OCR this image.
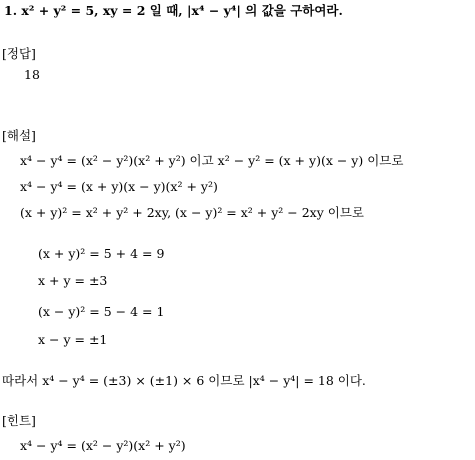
1. x² + y² = 5, xy = 2 일 때, |x⁴ − y⁴| 의 값을 구하여라.
[정답]
18
[해설]
x⁴ − y⁴ = (x² − y²)(x² + y²) 이고 x² − y² = (x + y)(x − y) 이므로
x⁴ − y⁴ = (x + y)(x − y)(x² + y²)
(x + y)² = x² + y² + 2xy, (x − y)² = x² + y² − 2xy 이므로
(x + y)² = 5 + 4 = 9
x + y = ±3
(x − y)² = 5 − 4 = 1
x − y = ±1
따라서 x⁴ − y⁴ = (±3) × (±1) × 6 이므로 |x⁴ − y⁴| = 18 이다.
[힌트]
x⁴ − y⁴ = (x² − y²)(x² + y²)
